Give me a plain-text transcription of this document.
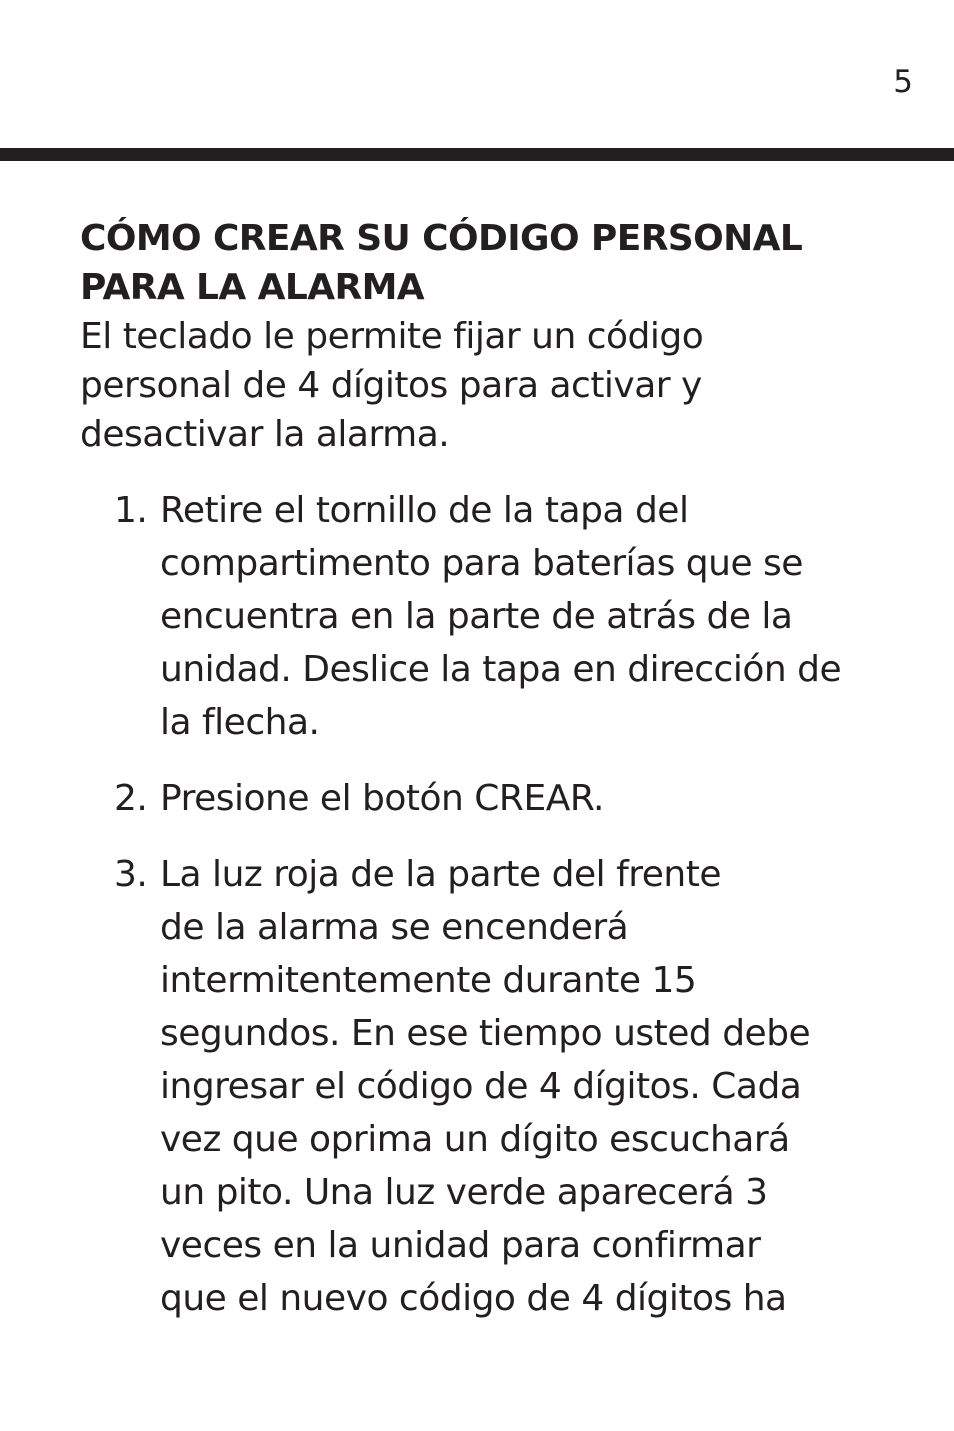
5
CÓMO CREAR SU CÓDIGO PERSONAL
PARA LA ALARMA

El teclado le permite fijar un código
personal de 4 dígitos para activar y
desactivar la alarma.

1. Retire el tornillo de la tapa del
compartimento para baterías que se
encuentra en la parte de atrás de la
unidad. Deslice la tapa en dirección de
la flecha.
2. Presione el botón CREAR.
3. La luz roja de la parte del frente
de la alarma se encenderá
intermitentemente durante 15
segundos. En ese tiempo usted debe
ingresar el código de 4 dígitos. Cada
vez que oprima un dígito escuchará
un pito. Una luz verde aparecerá 3
veces en la unidad para confirmar
que el nuevo código de 4 dígitos ha
